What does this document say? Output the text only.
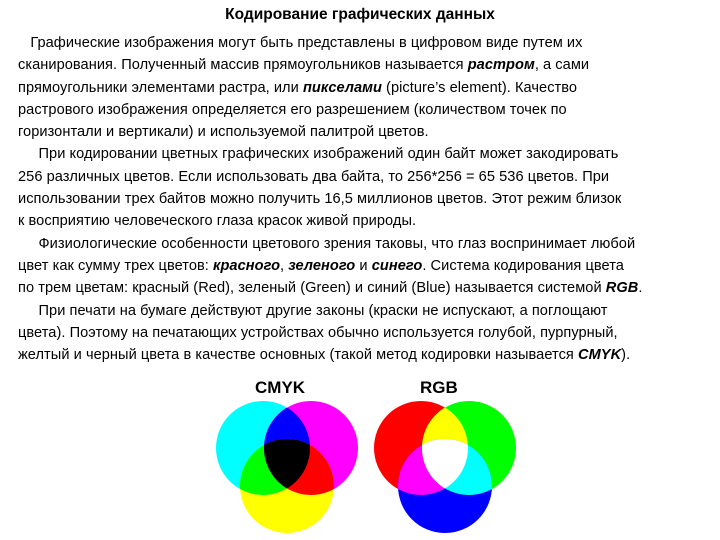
Кодирование графических данных
Графические изображения могут быть представлены в цифровом виде путем их
сканирования. Полученный массив прямоугольников называется растром, а сами
прямоугольники элементами растра, или пикселами (picture’s element). Качество
растрового изображения определяется его разрешением (количеством точек по
горизонтали и вертикали) и используемой палитрой цветов.
При кодировании цветных графических изображений один байт может закодировать
256 различных цветов. Если использовать два байта, то 256*256 = 65 536 цветов. При
использовании трех байтов можно получить 16,5 миллионов цветов. Этот режим близок
к восприятию человеческого глаза красок живой природы.
Физиологические особенности цветового зрения таковы, что глаз воспринимает любой
цвет как сумму трех цветов: красного, зеленого и синего. Система кодирования цвета
по трем цветам: красный (Red), зеленый (Green) и синий (Blue) называется системой RGB.
При печати на бумаге действуют другие законы (краски не испускают, а поглощают
цвета). Поэтому на печатающих устройствах обычно используется голубой, пурпурный,
желтый и черный цвета в качестве основных (такой метод кодировки называется CMYK).
CMYK	RGB
